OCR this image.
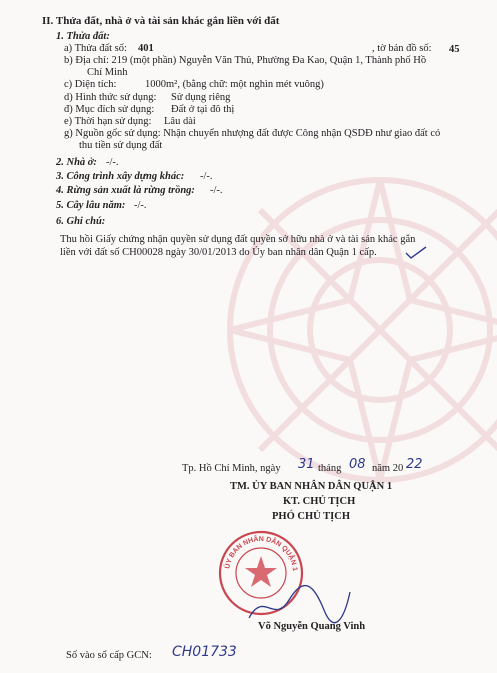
II. Thửa đất, nhà ở và tài sản khác gắn liền với đất
1. Thửa đất:
a) Thửa đất số: 401	, tờ bản đồ số: 45
b) Địa chỉ: 219 (một phần) Nguyễn Văn Thủ, Phường Đa Kao, Quận 1, Thành phố Hồ
Chí Minh
c) Diện tích:	1000m², (bằng chữ: một nghìn mét vuông)
d) Hình thức sử dụng: Sử dụng riêng
đ) Mục đích sử dụng: Đất ở tại đô thị
e) Thời hạn sử dụng: Lâu dài
g) Nguồn gốc sử dụng: Nhận chuyển nhượng đất được Công nhận QSDĐ như giao đất có
thu tiền sử dụng đất
2. Nhà ở: -/-.
3. Công trình xây dựng khác: -/-.
4. Rừng sản xuất là rừng trồng: -/-.
5. Cây lâu năm: -/-.
6. Ghi chú:
Thu hồi Giấy chứng nhận quyền sử dụng đất quyền sở hữu nhà ở và tài sản khác gắn
liền với đất số CH00028 ngày 30/01/2013 do Ủy ban nhân dân Quận 1 cấp.
Tp. Hồ Chí Minh, ngày 31 tháng 08 năm 20 22
TM. ỦY BAN NHÂN DÂN QUẬN 1
KT. CHỦ TỊCH
PHÓ CHỦ TỊCH
ỦY BAN NHÂN DÂN QUẬN 1
Võ Nguyễn Quang Vinh
Số vào sổ cấp GCN: CH01733
